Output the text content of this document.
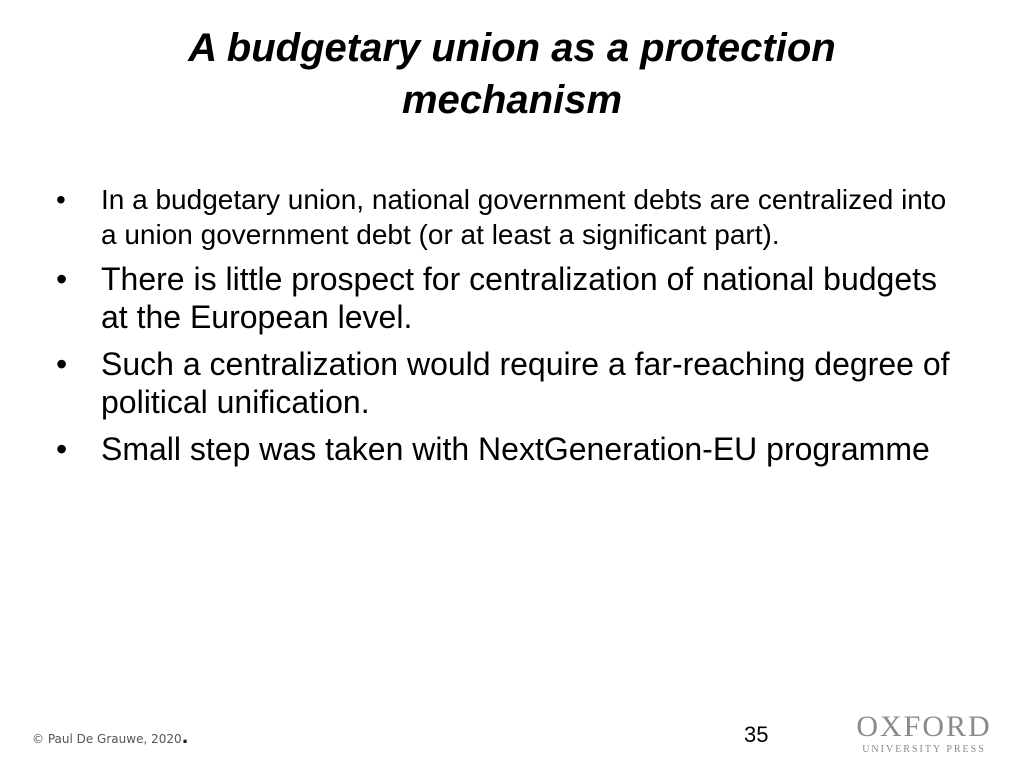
A budgetary union as a protection mechanism
• In a budgetary union, national government debts are centralized into a union government debt (or at least a significant part).
• There is little prospect for centralization of national budgets at the European level.
• Such a centralization would require a far-reaching degree of political unification.
• Small step was taken with NextGeneration-EU programme
© Paul De Grauwe, 2020.	35	OXFORD
UNIVERSITY PRESS
